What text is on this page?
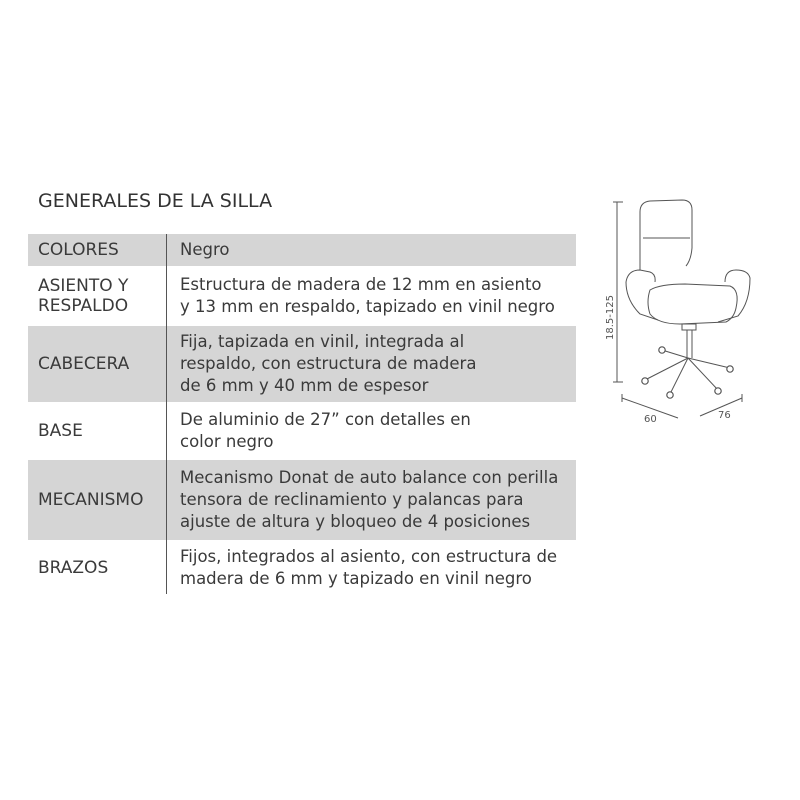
GENERALES DE LA SILLA
COLORES	Negro
ASIENTO Y
RESPALDO
Estructura de madera de 12 mm en asiento
y 13 mm en respaldo, tapizado en vinil negro
CABECERA
Fija, tapizada en vinil, integrada al
respaldo, con estructura de madera
de 6 mm y 40 mm de espesor
BASE
De aluminio de 27” con detalles en
color negro
MECANISMO
Mecanismo Donat de auto balance con perilla
tensora de reclinamiento y palancas para
ajuste de altura y bloqueo de 4 posiciones
BRAZOS
Fijos, integrados al asiento, con estructura de
madera de 6 mm y tapizado en vinil negro
18.5-125
60	76
